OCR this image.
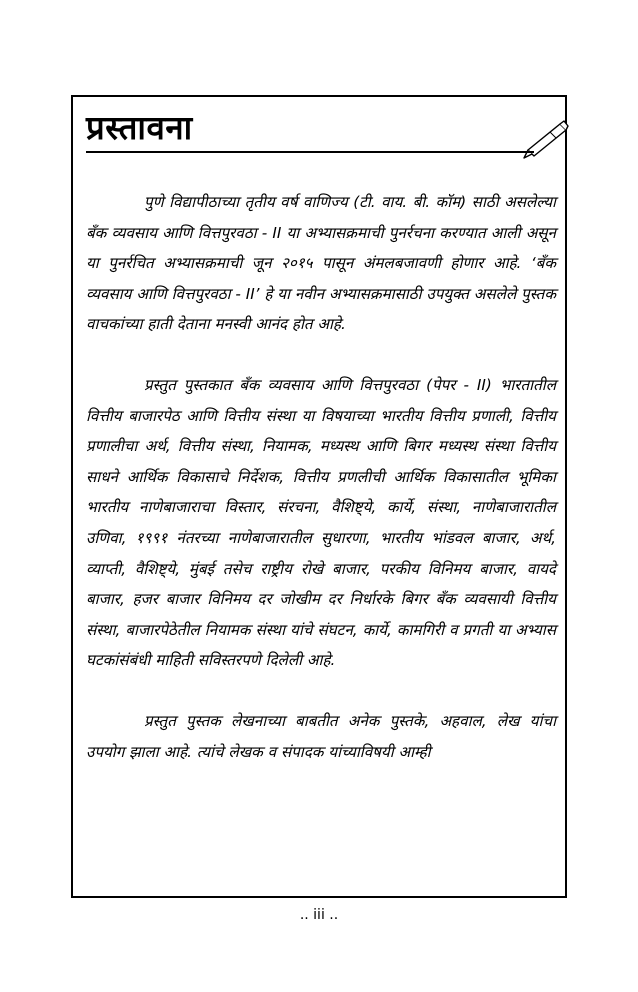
प्रस्तावना

पुणे विद्यापीठाच्या तृतीय वर्ष वाणिज्य (टी. वाय. बी. कॉम) साठी असलेल्या बँक व्यवसाय आणि वित्तपुरवठा - II या अभ्यासक्रमाची पुनर्रचना करण्यात आली असून या पुनर्रचित अभ्यासक्रमाची जून २०१५ पासून अंमलबजावणी होणार आहे. ‘बँक व्यवसाय आणि वित्तपुरवठा - II’ हे या नवीन अभ्यासक्रमासाठी उपयुक्त असलेले पुस्तक वाचकांच्या हाती देताना मनस्वी आनंद होत आहे.

प्रस्तुत पुस्तकात बँक व्यवसाय आणि वित्तपुरवठा (पेपर - II) भारतातील वित्तीय बाजारपेठ आणि वित्तीय संस्था या विषयाच्या भारतीय वित्तीय प्रणाली, वित्तीय प्रणालीचा अर्थ, वित्तीय संस्था, नियामक, मध्यस्थ आणि बिगर मध्यस्थ संस्था वित्तीय साधने आर्थिक विकासाचे निर्देशक, वित्तीय प्रणलीची आर्थिक विकासातील भूमिका भारतीय नाणेबाजाराचा विस्तार, संरचना, वैशिष्ट्ये, कार्ये, संस्था, नाणेबाजारातील उणिवा, १९९१ नंतरच्या नाणेबाजारातील सुधारणा, भारतीय भांडवल बाजार, अर्थ, व्याप्ती, वैशिष्ट्ये, मुंबई तसेच राष्ट्रीय रोखे बाजार, परकीय विनिमय बाजार, वायदे बाजार, हजर बाजार विनिमय दर जोखीम दर निर्धारके बिगर बँक व्यवसायी वित्तीय संस्था, बाजारपेठेतील नियामक संस्था यांचे संघटन, कार्ये, कामगिरी व प्रगती या अभ्यास घटकांसंबंधी माहिती सविस्तरपणे दिलेली आहे.

प्रस्तुत पुस्तक लेखनाच्या बाबतीत अनेक पुस्तके, अहवाल, लेख यांचा उपयोग झाला आहे. त्यांचे लेखक व संपादक यांच्याविषयी आम्ही

.. iii ..
